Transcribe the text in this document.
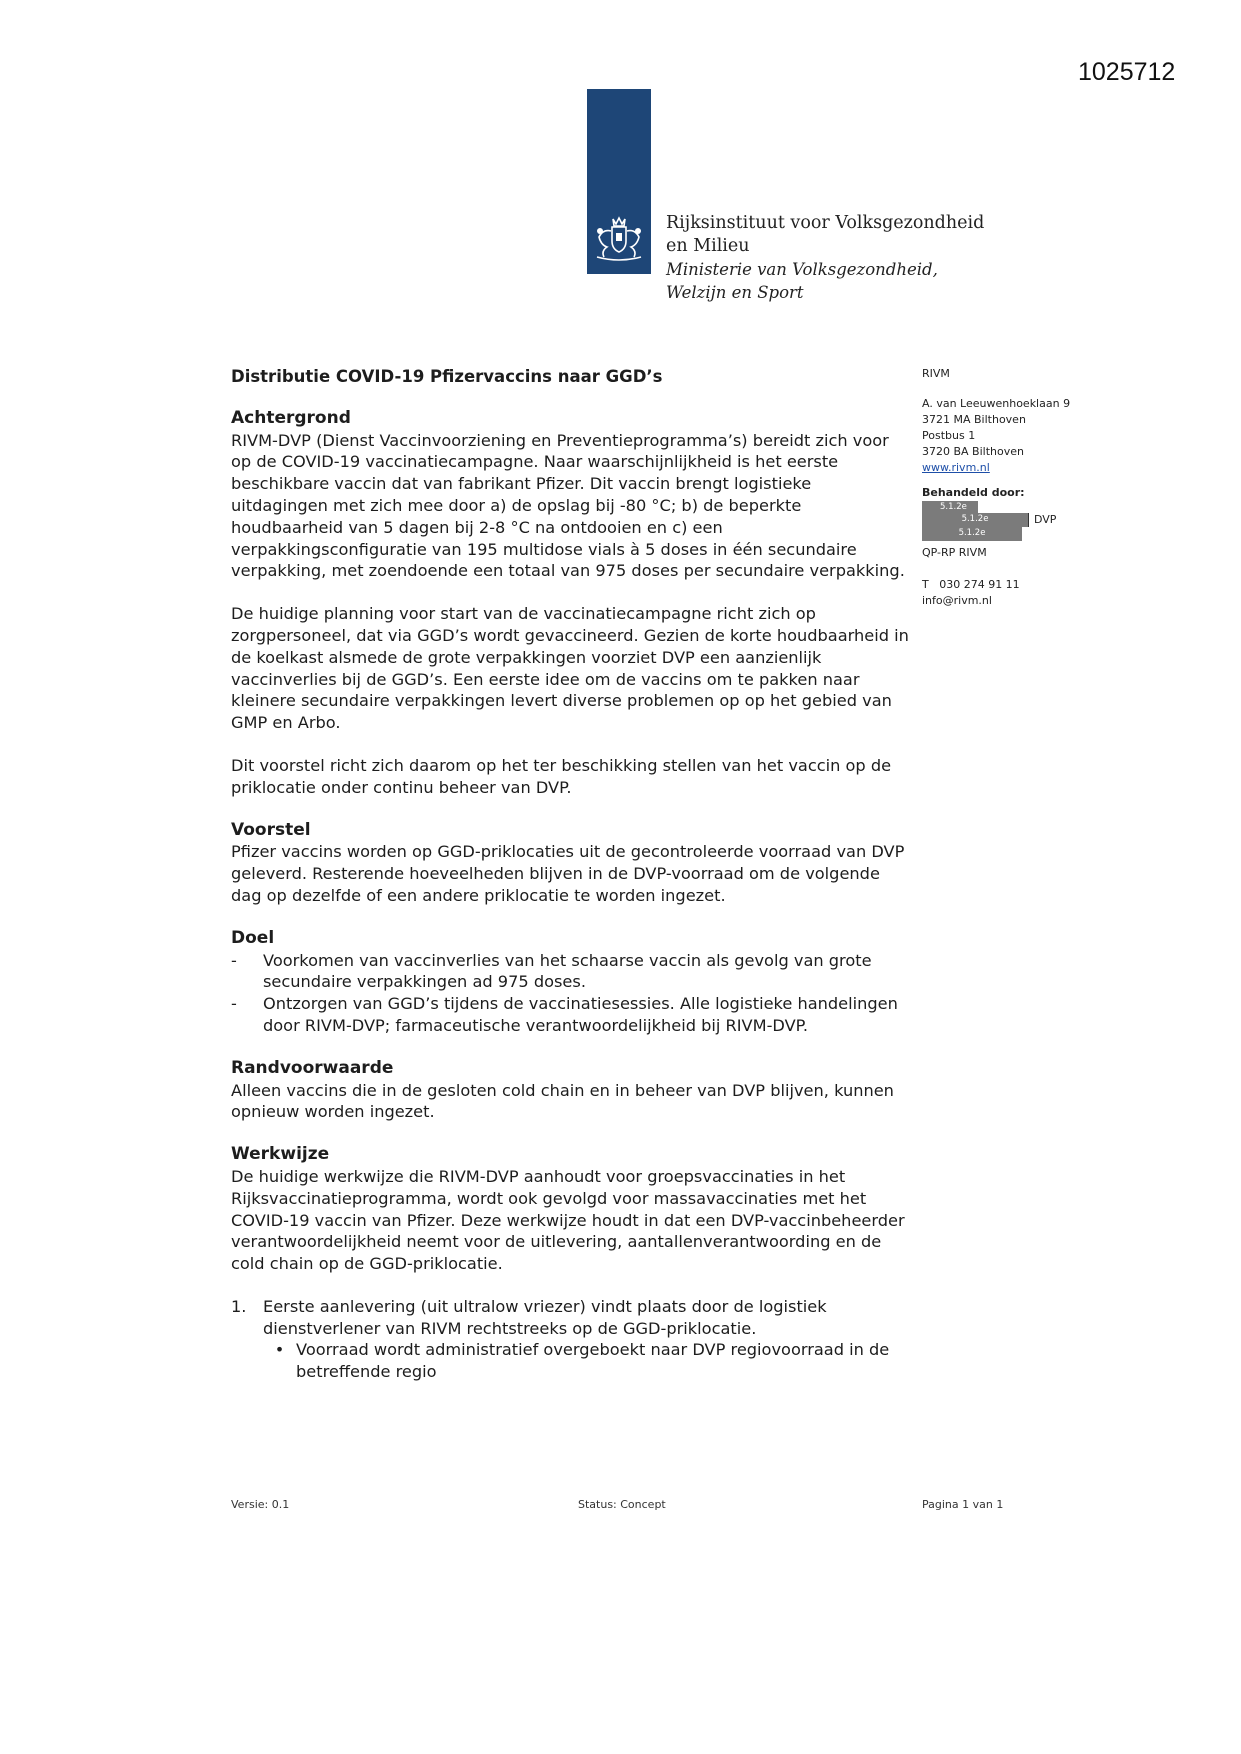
1025712
Rijksinstituut voor Volksgezondheid
en Milieu
Ministerie van Volksgezondheid,
Welzijn en Sport
RIVM
A. van Leeuwenhoeklaan 9
3721 MA Bilthoven
Postbus 1
3720 BA Bilthoven
www.rivm.nl
Behandeld door:
5.1.2e
5.1.2e
5.1.2e
DVP
QP-RP RIVM
T   030 274 91 11
info@rivm.nl

Distributie COVID-19 Pfizervaccins naar GGD’s

Achtergrond

RIVM-DVP (Dienst Vaccinvoorziening en Preventieprogramma’s) bereidt zich voor op de COVID-19 vaccinatiecampagne. Naar waarschijnlijkheid is het eerste beschikbare vaccin dat van fabrikant Pfizer. Dit vaccin brengt logistieke uitdagingen met zich mee door a) de opslag bij -80 °C; b) de beperkte houdbaarheid van 5 dagen bij 2-8 °C na ontdooien en c) een verpakkingsconfiguratie van 195 multidose vials à 5 doses in één secundaire verpakking, met zoendoende een totaal van 975 doses per secundaire verpakking.

De huidige planning voor start van de vaccinatiecampagne richt zich op zorgpersoneel, dat via GGD’s wordt gevaccineerd. Gezien de korte houdbaarheid in de koelkast alsmede de grote verpakkingen voorziet DVP een aanzienlijk vaccinverlies bij de GGD’s. Een eerste idee om de vaccins om te pakken naar kleinere secundaire verpakkingen levert diverse problemen op op het gebied van GMP en Arbo.

Dit voorstel richt zich daarom op het ter beschikking stellen van het vaccin op de priklocatie onder continu beheer van DVP.

Voorstel

Pfizer vaccins worden op GGD-priklocaties uit de gecontroleerde voorraad van DVP geleverd. Resterende hoeveelheden blijven in de DVP-voorraad om de volgende dag op dezelfde of een andere priklocatie te worden ingezet.

Doel

-	Voorkomen van vaccinverlies van het schaarse vaccin als gevolg van grote secundaire verpakkingen ad 975 doses.
-	Ontzorgen van GGD’s tijdens de vaccinatiesessies. Alle logistieke handelingen door RIVM-DVP; farmaceutische verantwoordelijkheid bij RIVM-DVP.

Randvoorwaarde

Alleen vaccins die in de gesloten cold chain en in beheer van DVP blijven, kunnen opnieuw worden ingezet.

Werkwijze

De huidige werkwijze die RIVM-DVP aanhoudt voor groepsvaccinaties in het Rijksvaccinatieprogramma, wordt ook gevolgd voor massavaccinaties met het COVID-19 vaccin van Pfizer. Deze werkwijze houdt in dat een DVP-vaccinbeheerder verantwoordelijkheid neemt voor de uitlevering, aantallenverantwoording en de cold chain op de GGD-priklocatie.

1.	Eerste aanlevering (uit ultralow vriezer) vindt plaats door de logistiek dienstverlener van RIVM rechtstreeks op de GGD-priklocatie.
• Voorraad wordt administratief overgeboekt naar DVP regiovoorraad in de betreffende regio
Versie: 0.1	Status: Concept	Pagina 1 van 1
